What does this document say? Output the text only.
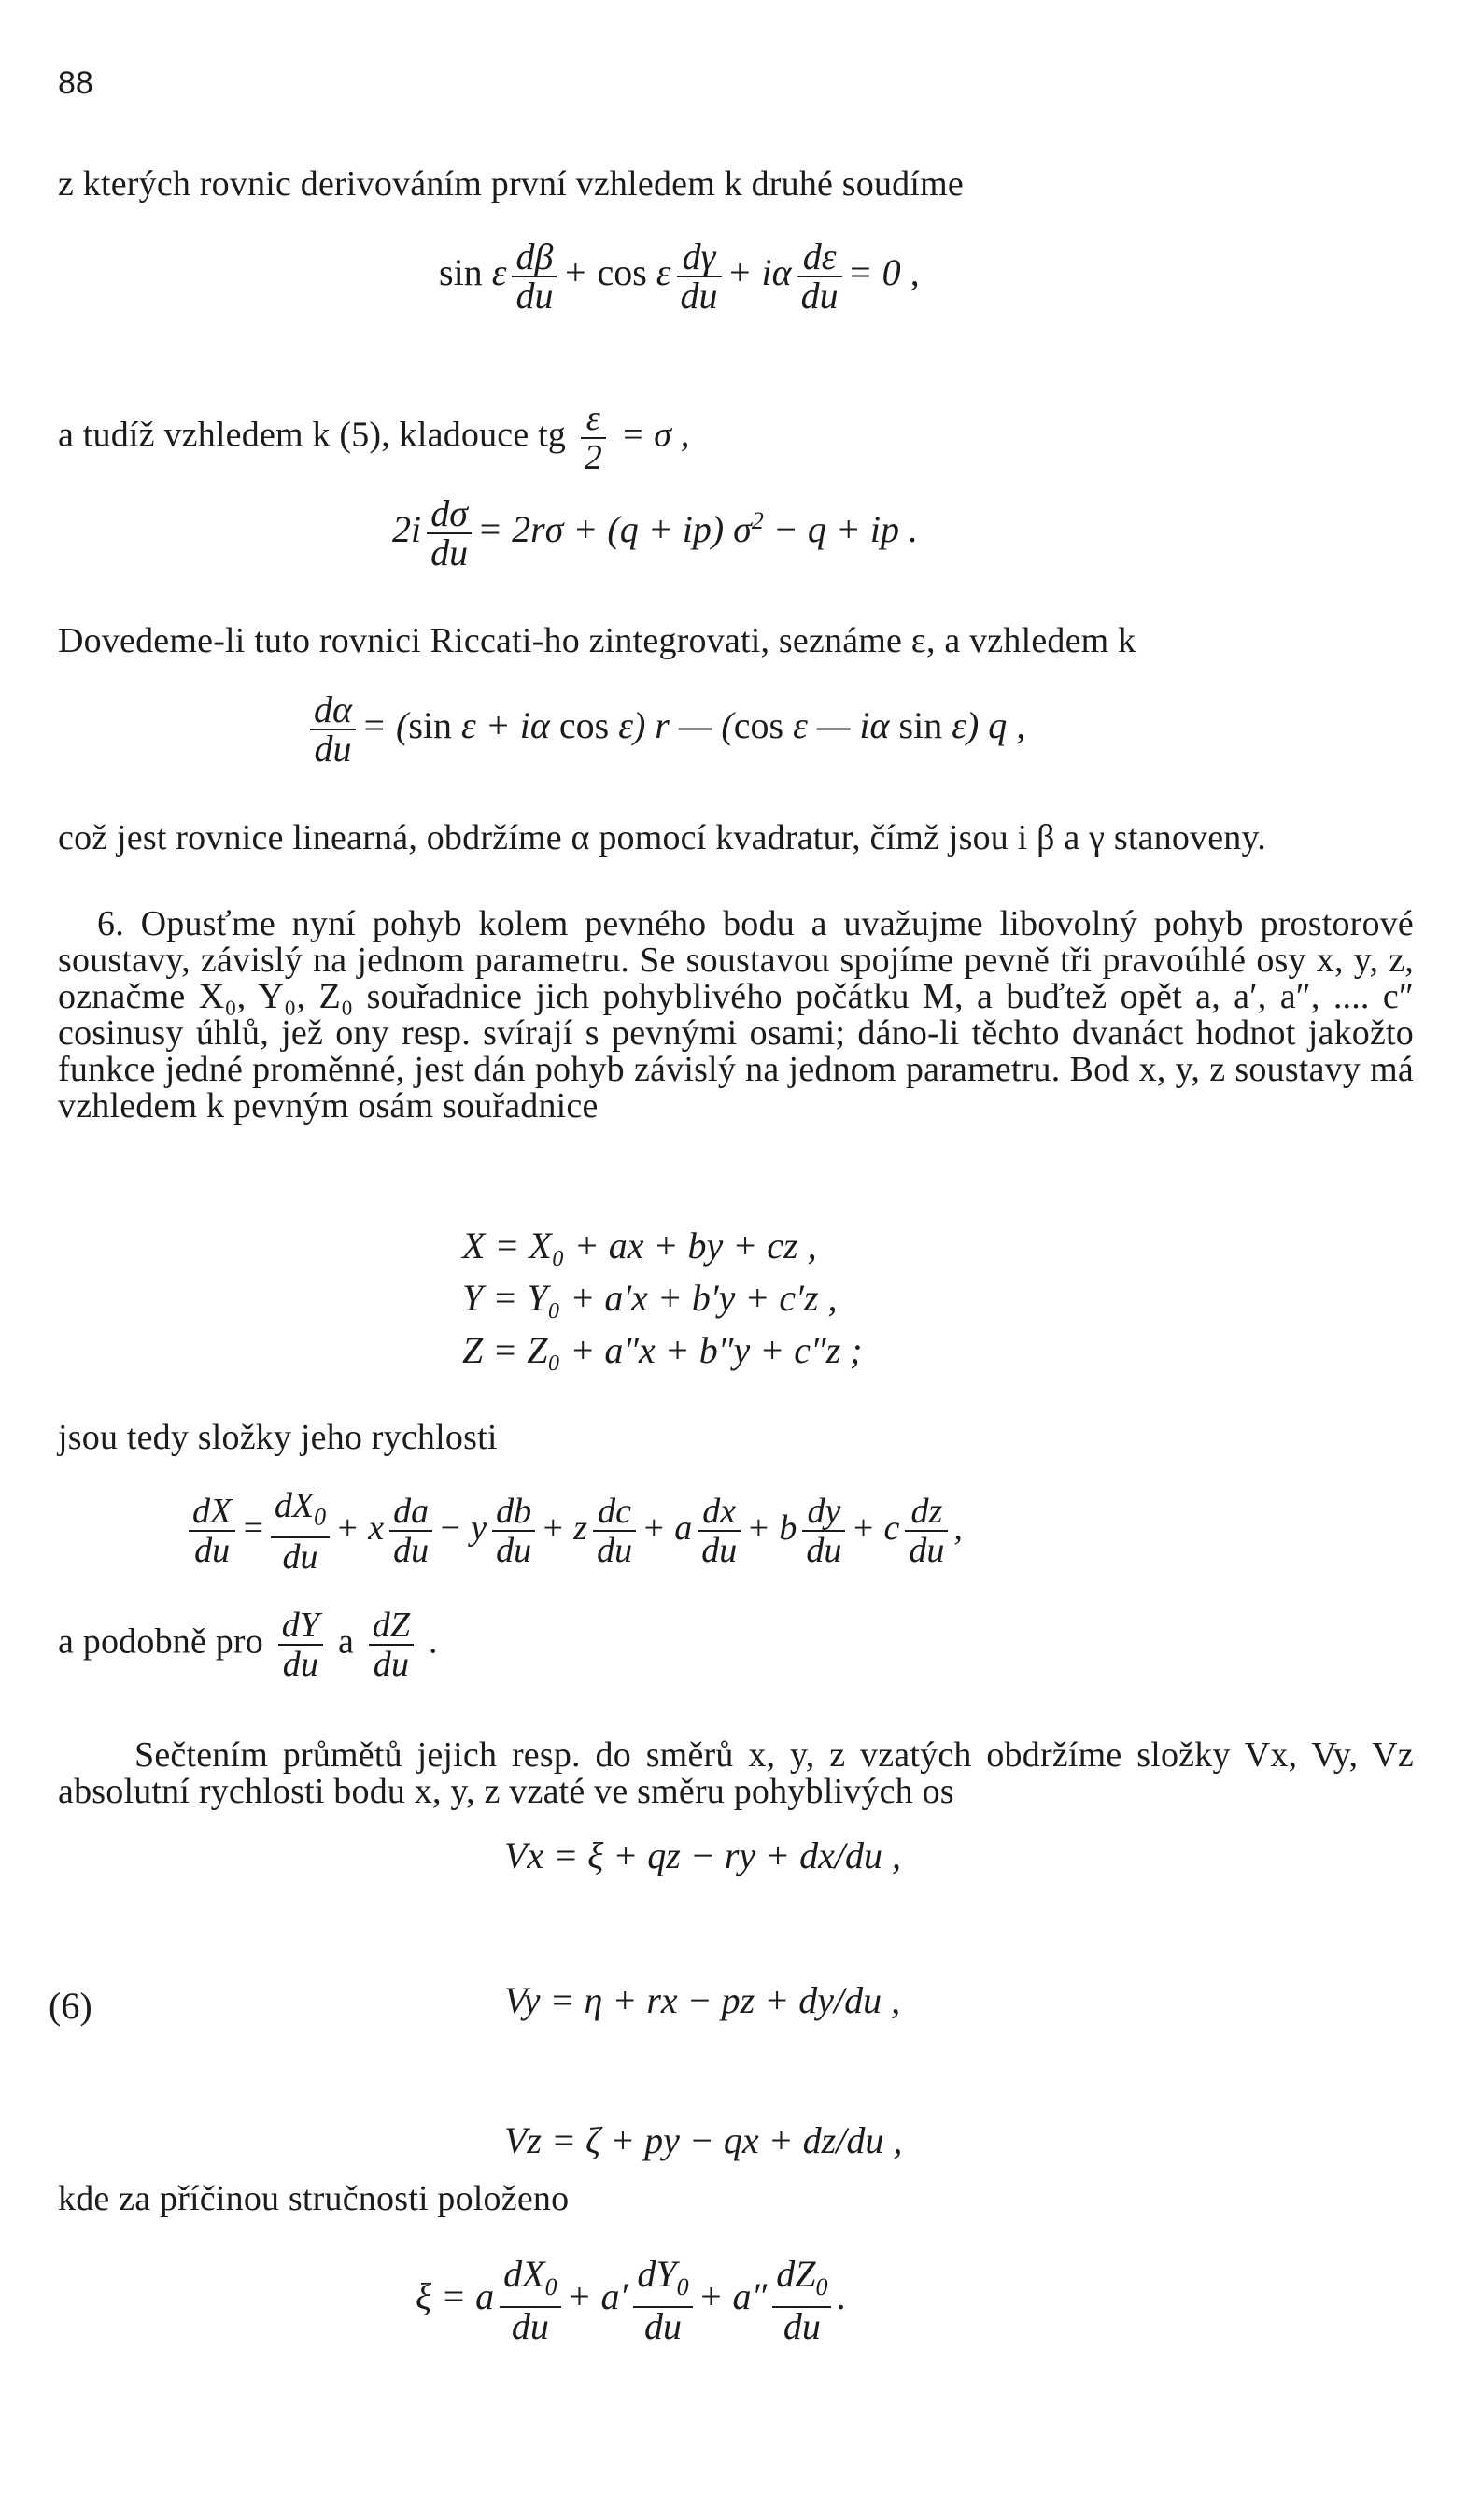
88
z kterých rovnic derivováním první vzhledem k druhé soudíme
sin ε $\frac{d\beta}{du} + \cos \varepsilon \frac{d\gamma}{du} + i\alpha \frac{d\varepsilon}{du} = 0$ ,
a tudíž vzhledem k (5), kladouce tg $\frac{\varepsilon}{2} = \sigma$ ,
$2i \frac{d\sigma}{du} = 2r\sigma + (q + ip) \sigma^2 - q$ + ip .
Dovedeme-li tuto rovnici Riccati-ho zintegrovati, seznáme ε, a vzhledem k
$\frac{d\alpha}{du} = (\sin$ ε + iα cos ε) r — (cos ε — iα sin ε) q ,
což jest rovnice linearná, obdržíme α pomocí kvadratur, čímž jsou i β a γ stanoveny.
6. Opusťme nyní pohyb kolem pevného bodu a uvažujme libovolný pohyb prostorové soustavy, závislý na jednom parametru. Se soustavou spojíme pevně tři pravoúhlé osy x, y, z, označme X₀, Y₀, Z₀ souřadnice jich pohyblivého počátku M, a buďtež opět a, a′, a″, .... c″ cosinusy úhlů, jež ony resp. svírají s pevnými osami; dáno-li těchto dvanáct hodnot jakožto funkce jedné proměnné, jest dán pohyb závislý na jednom parametru. Bod x, y, z soustavy má vzhledem k pevným osám souřadnice
X = X₀ + ax + by + cz ,
Y = Y₀ + a′x + b′y + c′z ,
Z = Z₀ + a″x + b″y + c″z ;
jsou tedy složky jeho rychlosti
$\frac{dX}{du} = \frac{dX_0}{du} + x \frac{da}{du} - y \frac{db}{du} + z \frac{dc}{du} + a \frac{dx}{du} + b \frac{dy}{du} + c \frac{dz}{du}$ ,
a podobně pro $\frac{dY}{du}$ a $\frac{dZ}{du}$ .
Sečtením průmětů jejich resp. do směrů x, y, z vzatých obdržíme složky Vx, Vy, Vz absolutní rychlosti bodu x, y, z vzaté ve směru pohyblivých os
Vx = ξ + qz − ry + dx/du ,
(6)	Vy = η + rx − pz + dy/du ,
Vz = ζ + py − qx + dz/du ,
kde za příčinou stručnosti položeno
ξ = a $\frac{dX_0}{du} + a' \frac{dY_0}{du} + a'' \frac{dZ_0}{du}$ .
